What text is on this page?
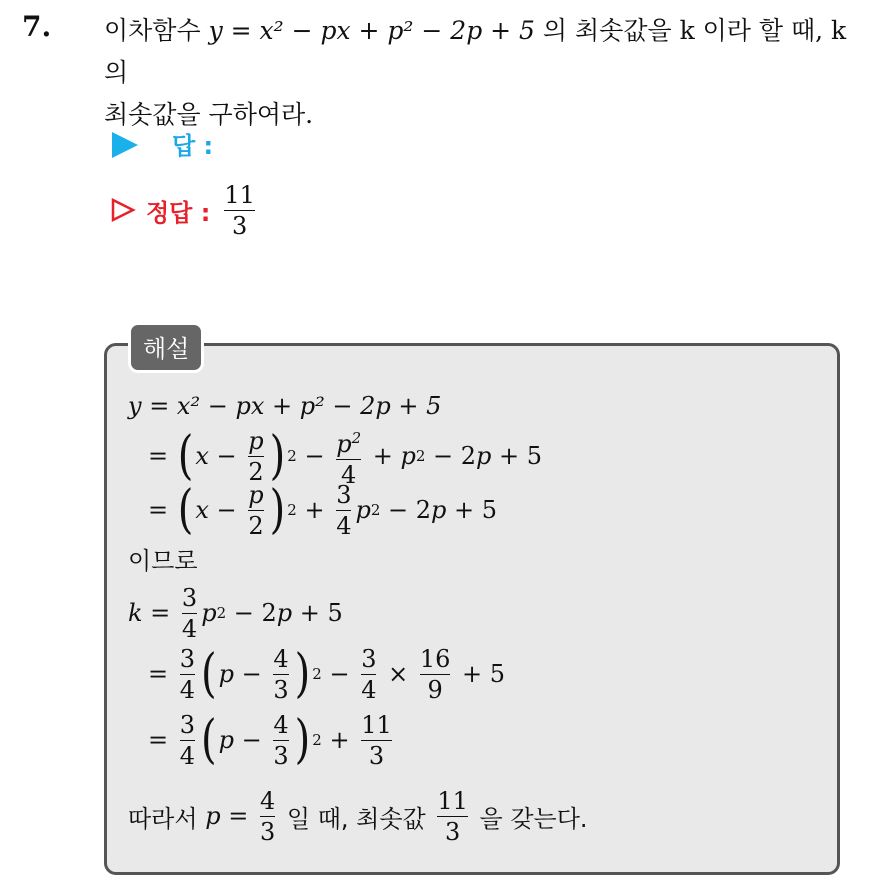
7. 이차함수 y = x² − px + p² − 2p + 5 의 최솟값을 k 이라 할 때, k 의
최솟값을 구하여라.
답 :
정답 : $\frac{11}{3}$
해설
y = x² − px + p² − 2p + 5
= ( $x - \frac{p}{2}$ ) $2 - \frac{p^2}{4} + p$ 2 − 2 p + 5
= ( $x - \frac{p}{2}$ ) $2 + \frac{3}{4}$ p 2 − 2 p + 5
이므로
$k = \frac{3}{4}$ p 2 − 2 p + 5
= $\frac{3}{4}$ ( $p - \frac{4}{3}$ ) $2 - \frac{3}{4} \times \frac{16}{9} + 5$
= $\frac{3}{4}$ ( $p - \frac{4}{3}$ ) $2 + \frac{11}{3}$
따라서
$p = \frac{4}{3}$
일 때, 최솟값
$\frac{11}{3}$
을 갖는다.
